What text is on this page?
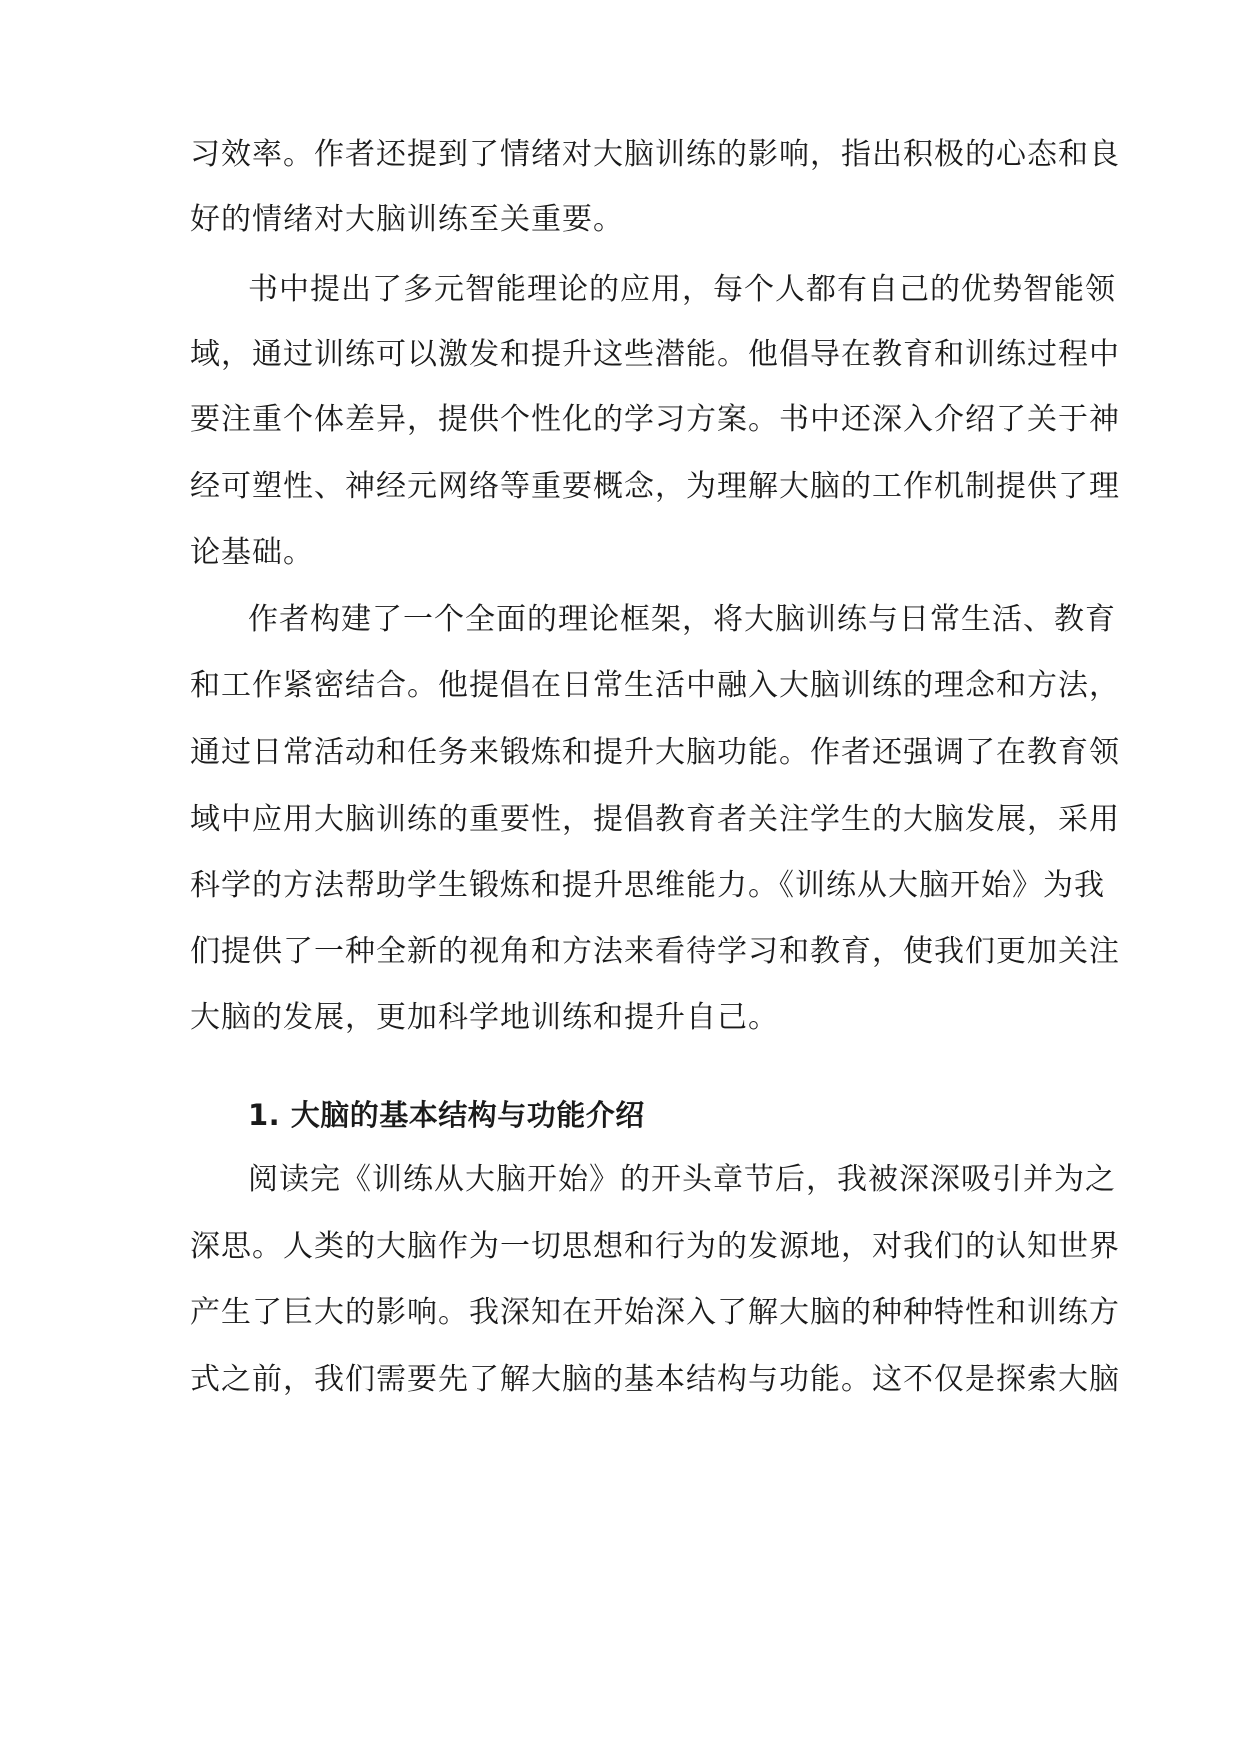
习效率。作者还提到了情绪对大脑训练的影响，指出积极的心态和良
好的情绪对大脑训练至关重要。
书中提出了多元智能理论的应用，每个人都有自己的优势智能领
域，通过训练可以激发和提升这些潜能。他倡导在教育和训练过程中
要注重个体差异，提供个性化的学习方案。书中还深入介绍了关于神
经可塑性、神经元网络等重要概念，为理解大脑的工作机制提供了理
论基础。
作者构建了一个全面的理论框架，将大脑训练与日常生活、教育
和工作紧密结合。他提倡在日常生活中融入大脑训练的理念和方法，
通过日常活动和任务来锻炼和提升大脑功能。作者还强调了在教育领
域中应用大脑训练的重要性，提倡教育者关注学生的大脑发展，采用
科学的方法帮助学生锻炼和提升思维能力。《训练从大脑开始》为我
们提供了一种全新的视角和方法来看待学习和教育，使我们更加关注
大脑的发展，更加科学地训练和提升自己。
1. 大脑的基本结构与功能介绍
阅读完《训练从大脑开始》的开头章节后，我被深深吸引并为之
深思。人类的大脑作为一切思想和行为的发源地，对我们的认知世界
产生了巨大的影响。我深知在开始深入了解大脑的种种特性和训练方
式之前，我们需要先了解大脑的基本结构与功能。这不仅是探索大脑
